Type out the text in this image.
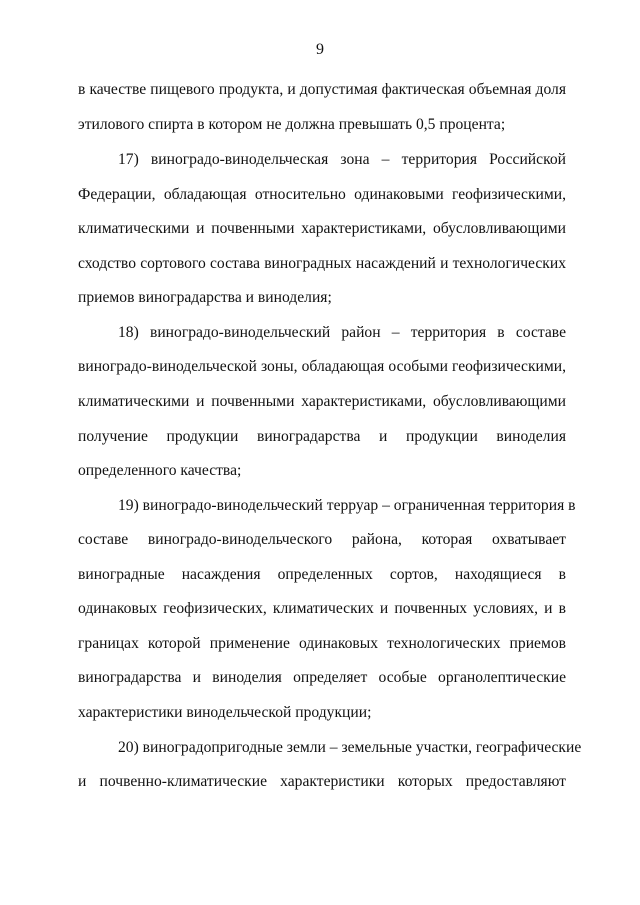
9
в качестве пищевого продукта, и допустимая фактическая объемная доля
этилового спирта в котором не должна превышать 0,5 процента;
17) виноградо-винодельческая зона – территория Российской
Федерации, обладающая относительно одинаковыми геофизическими,
климатическими и почвенными характеристиками, обусловливающими
сходство сортового состава виноградных насаждений и технологических
приемов виноградарства и виноделия;
18) виноградо-винодельческий район – территория в составе
виноградо-винодельческой зоны, обладающая особыми геофизическими,
климатическими и почвенными характеристиками, обусловливающими
получение продукции виноградарства и продукции виноделия
определенного качества;
19) виноградо-винодельческий терруар – ограниченная территория в
составе виноградо-винодельческого района, которая охватывает
виноградные насаждения определенных сортов, находящиеся в
одинаковых геофизических, климатических и почвенных условиях, и в
границах которой применение одинаковых технологических приемов
виноградарства и виноделия определяет особые органолептические
характеристики винодельческой продукции;
20) виноградопригодные земли – земельные участки, географические
и почвенно-климатические характеристики которых предоставляют
